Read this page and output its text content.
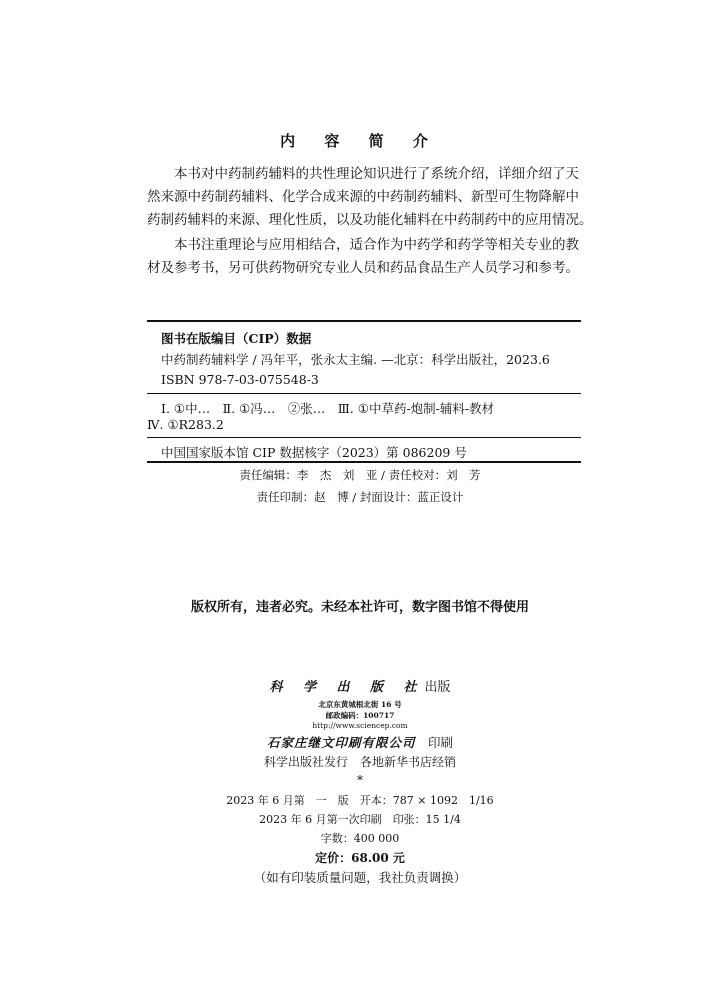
内 容 简 介
本书对中药制药辅料的共性理论知识进行了系统介绍，详细介绍了天
然来源中药制药辅料、化学合成来源的中药制药辅料、新型可生物降解中
药制药辅料的来源、理化性质，以及功能化辅料在中药制药中的应用情况。
本书注重理论与应用相结合，适合作为中药学和药学等相关专业的教
材及参考书，另可供药物研究专业人员和药品食品生产人员学习和参考。
图书在版编目（CIP）数据
中药制药辅料学 / 冯年平，张永太主编. —北京：科学出版社，2023.6
ISBN 978-7-03-075548-3
Ⅰ. ①中…　Ⅱ. ①冯…　②张…　Ⅲ. ①中草药-炮制-辅料-教材
Ⅳ. ①R283.2
中国国家版本馆 CIP 数据核字（2023）第 086209 号
责任编辑：李　杰　刘　亚 / 责任校对：刘　芳
责任印制：赵　博 / 封面设计：蓝正设计
版权所有，违者必究。未经本社许可，数字图书馆不得使用
科 学 出 版 社出版
北京东黄城根北街 16 号
邮政编码：100717
http://www.sciencep.com
石家庄继文印刷有限公司　 印刷
科学出版社发行　各地新华书店经销
*
2023 年 6 月第　一　版　开本：787 × 1092　1/16
2023 年 6 月第一次印刷　印张：15 1/4
字数：400 000
定价：68.00 元
（如有印装质量问题，我社负责调换）
